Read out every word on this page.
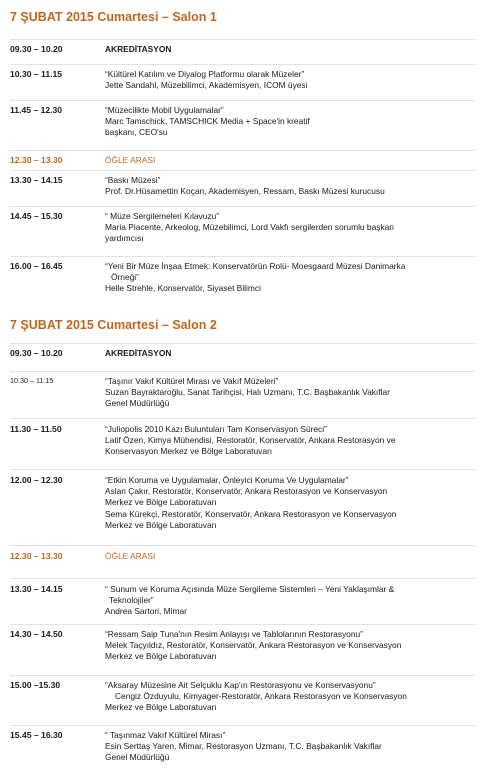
7 ŞUBAT 2015 Cumartesi – Salon 1
09.30 – 10.20	AKREDİTASYON
10.30 – 11.15	“Kültürel Katılım ve Diyalog Platformu olarak Müzeler”
Jette Sandahl, Müzebilimci, Akademisyen, ICOM üyesi
11.45 – 12.30	“Müzecilikte Mobil Uygulamalar”
Marc Tamschick, TAMSCHICK Media + Space'in kreatif
başkanı, CEO'su
12.30 – 13.30	ÖĞLE ARASI
13.30 – 14.15	“Baskı Müzesi”
Prof. Dr.Hüsamettin Koçan, Akademisyen, Ressam, Baskı Müzesi kurucusu
14.45 – 15.30	“ Müze Sergilemeleri Kılavuzu”
Maria Piacente, Arkeolog, Müzebilimci, Lord Vakfı sergilerden sorumlu başkan
yardımcısı
16.00 – 16.45	“Yeni Bir Müze İnşaa Etmek: Konservatörün Rolü- Moesgaard Müzesi Danimarka
Örneği”
Helle Strehle, Konservatör, Siyaset Bilimci
7 ŞUBAT 2015 Cumartesi – Salon 2
09.30 – 10.20	AKREDİTASYON
10.30 – 11.15	“Taşınır Vakıf Kültürel Mirası ve Vakıf Müzeleri”
Suzan Bayraktaroğlu, Sanat Tarihçisi, Halı Uzmanı, T.C. Başbakanlık Vakıflar
Genel Müdürlüğü
11.30 – 11.50	“Juliopolis 2010 Kazı Buluntuları Tam Konservasyon Süreci”
Latif Özen, Kimya Mühendisi, Restoratör, Konservatör, Ankara Restorasyon ve
Konservasyon Merkez ve Bölge Laboratuvarı
12.00 – 12.30	“Etkin Koruma ve Uygulamalar, Önleyici Koruma Ve Uygulamalar”
Aslan Çakır, Restoratör, Konservatör, Ankara Restorasyon ve Konservasyon
Merkez ve Bölge Laboratuvarı
Sema Kürekçi, Restoratör, Konservatör, Ankara Restorasyon ve Konservasyon
Merkez ve Bölge Laboratuvarı
12.30 – 13.30	ÖĞLE ARASI
13.30 – 14.15	“ Sunum ve Koruma Açısında Müze Sergileme Sistemleri – Yeni Yaklaşımlar &
Teknolojiler”
Andrea Sartori, Mimar
14.30 – 14.50	“Ressam Saip Tuna'nın Resim Anlayışı ve Tablolarının Restorasyonu”
Melek Taçyıldız, Restoratör, Konservatör, Ankara Restorasyon ve Konservasyon
Merkez ve Bölge Laboratuvarı
15.00 –15.30	“Aksaray Müzesine Ait Selçuklu Kap'ın Restorasyonu ve Konservasyonu”
Cengiz Özduyulu, Kimyager-Restoratör, Ankara Restorasyon ve Konservasyon
Merkez ve Bölge Laboratuvarı
15.45 – 16.30	“ Taşınmaz Vakıf Kültürel Mirası”
Esin Serttaş Yaren, Mimar, Restorasyon Uzmanı, T.C. Başbakanlık Vakıflar
Genel Müdürlüğü
